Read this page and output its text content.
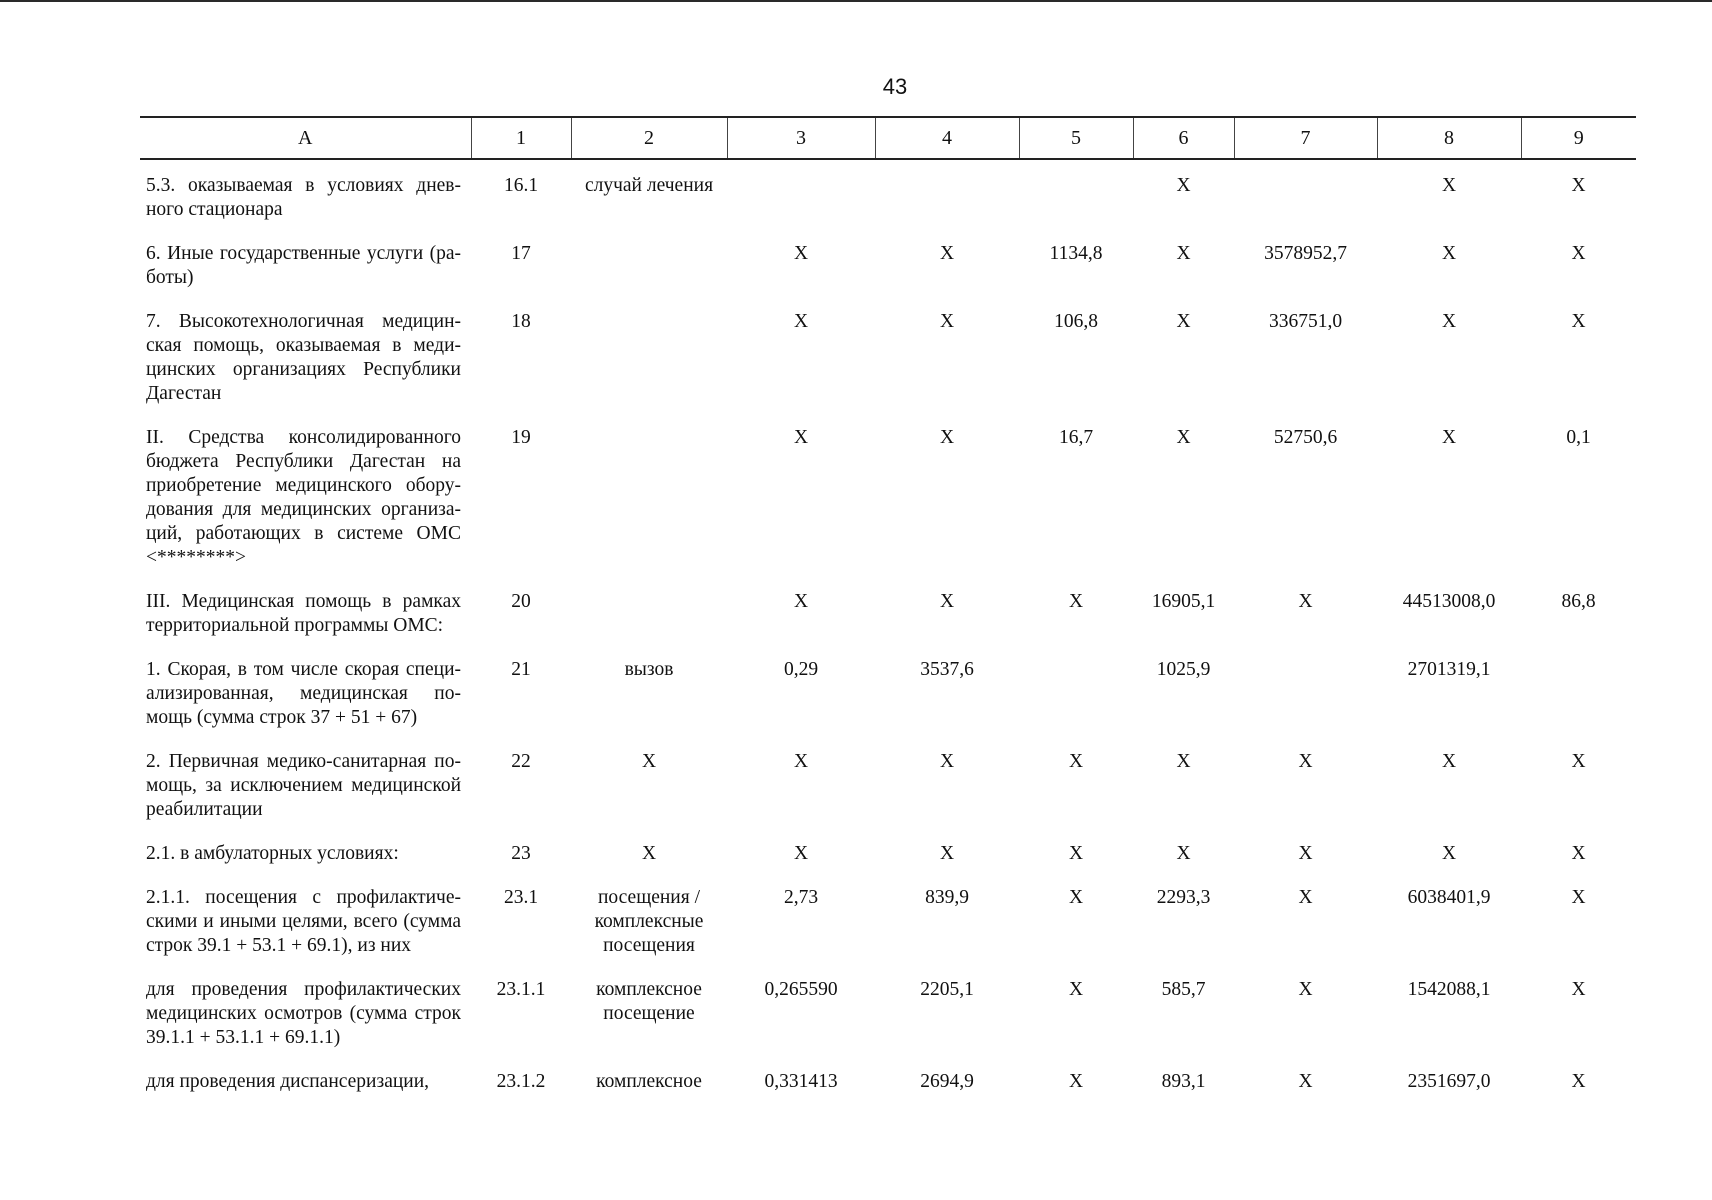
43
А	1	2	3	4	5	6	7	8	9
5.3. оказываемая в условиях днев-ного стационара	16.1	случай лечения				Х		Х	Х
6. Иные государственные услуги (ра-боты)	17		Х	Х	1134,8	Х	3578952,7	Х	Х
7. Высокотехнологичная медицин-ская помощь, оказываемая в меди-цинских организациях Республики Дагестан	18		Х	Х	106,8	Х	336751,0	Х	Х
II. Средства консолидированного бюджета Республики Дагестан на приобретение медицинского обору-дования для медицинских организа-ций, работающих в системе ОМС <********>	19		Х	Х	16,7	Х	52750,6	Х	0,1
III. Медицинская помощь в рамках территориальной программы ОМС:	20		Х	Х	Х	16905,1	Х	44513008,0	86,8
1. Скорая, в том числе скорая специ-ализированная, медицинская по-мощь (сумма строк 37 + 51 + 67)	21	вызов	0,29	3537,6		1025,9		2701319,1	
2. Первичная медико-санитарная по-мощь, за исключением медицинской реабилитации	22	Х	Х	Х	Х	Х	Х	Х	Х
2.1. в амбулаторных условиях:	23	Х	Х	Х	Х	Х	Х	Х	Х
2.1.1. посещения с профилактиче-скими и иными целями, всего (сумма строк 39.1 + 53.1 + 69.1), из них	23.1	посещения / комплексные посещения	2,73	839,9	Х	2293,3	Х	6038401,9	Х
для проведения профилактических медицинских осмотров (сумма строк 39.1.1 + 53.1.1 + 69.1.1)	23.1.1	комплексное посещение	0,265590	2205,1	Х	585,7	Х	1542088,1	Х
для проведения диспансеризации,	23.1.2	комплексное	0,331413	2694,9	Х	893,1	Х	2351697,0	Х
